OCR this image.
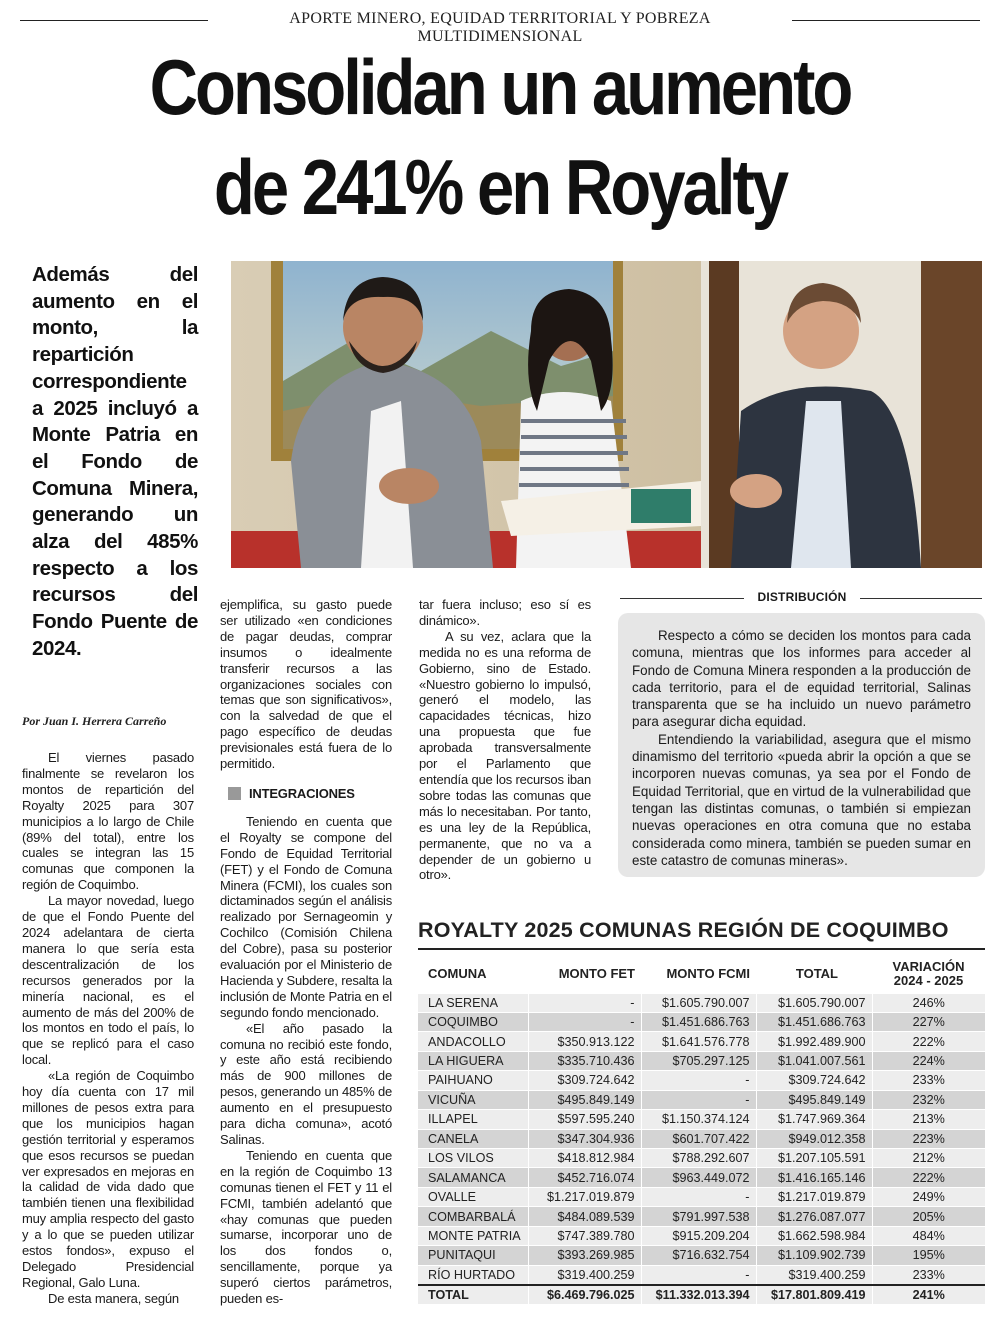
APORTE MINERO, EQUIDAD TERRITORIAL Y POBREZA MULTIDIMENSIONAL
Consolidan un aumento
de 241% en Royalty
Además del aumento en el monto, la repartición correspondiente a 2025 incluyó a Monte Patria en el Fondo de Comuna Minera, generando un alza del 485% respecto a los recursos del Fondo Puente de 2024.
Por Juan I. Herrera Carreño

El viernes pasado finalmente se revelaron los montos de repartición del Royalty 2025 para 307 municipios a lo largo de Chile (89% del total), entre los cuales se integran las 15 comunas que componen la región de Coquimbo.

La mayor novedad, luego de que el Fondo Puente del 2024 adelantara de cierta manera lo que sería esta descentralización de los recursos generados por la minería nacional, es el aumento de más del 200% de los montos en todo el país, lo que se replicó para el caso local.

«La región de Coquimbo hoy día cuenta con 17 mil millones de pesos extra para que los municipios hagan gestión territorial y esperamos que esos recursos se puedan ver expresados en mejoras en la calidad de vida dado que también tienen una flexibilidad muy amplia respecto del gasto y a lo que se pueden utilizar estos fondos», expuso el Delegado Presidencial Regional, Galo Luna.

De esta manera, según

ejemplifica, su gasto puede ser utilizado «en condiciones de pagar deudas, comprar insumos o idealmente transferir recursos a las organizaciones sociales con temas que son significativos», con la salvedad de que el pago específico de deudas previsionales está fuera de lo permitido.

INTEGRACIONES

Teniendo en cuenta que el Royalty se compone del Fondo de Equidad Territorial (FET) y el Fondo de Comuna Minera (FCMI), los cuales son dictaminados según el análisis realizado por Sernageomin y Cochilco (Comisión Chilena del Cobre), pasa su posterior evaluación por el Ministerio de Hacienda y Subdere, resalta la inclusión de Monte Patria en el segundo fondo mencionado.

«El año pasado la comuna no recibió este fondo, y este año está recibiendo más de 900 millones de pesos, generando un 485% de aumento en el presupuesto para dicha comuna», acotó Salinas.

Teniendo en cuenta que en la región de Coquimbo 13 comunas tienen el FET y 11 el FCMI, también adelantó que «hay comunas que pueden sumarse, incorporar uno de los dos fondos o, sencillamente, porque ya superó ciertos parámetros, pueden es-

tar fuera incluso; eso sí es dinámico».

A su vez, aclara que la medida no es una reforma de Gobierno, sino de Estado. «Nuestro gobierno lo impulsó, generó el modelo, las capacidades técnicas, hizo una propuesta que fue aprobada transversalmente por el Parlamento que entendía que los recursos iban sobre todas las comunas que más lo necesitaban. Por tanto, es una ley de la República, permanente, que no va a depender de un gobierno u otro».

DISTRIBUCIÓN

Respecto a cómo se deciden los montos para cada comuna, mientras que los informes para acceder al Fondo de Comuna Minera responden a la producción de cada territorio, para el de equidad territorial, Salinas transparenta que se ha incluido un nuevo parámetro para asegurar dicha equidad.

Entendiendo la variabilidad, asegura que el mismo dinamismo del territorio «pueda abrir la opción a que se incorporen nuevas comunas, ya sea por el Fondo de Equidad Territorial, que en virtud de la vulnerabilidad que tengan las distintas comunas, o también si empiezan nuevas operaciones en otra comuna que no estaba considerada como minera, también se pueden sumar en este catastro de comunas mineras».

ROYALTY 2025 COMUNAS REGIÓN DE COQUIMBO
COMUNA	MONTO FET	MONTO FCMI	TOTAL	VARIACIÓN
2024 - 2025

LA SERENA	-	$1.605.790.007	$1.605.790.007	246%
COQUIMBO	-	$1.451.686.763	$1.451.686.763	227%
ANDACOLLO	$350.913.122	$1.641.576.778	$1.992.489.900	222%
LA HIGUERA	$335.710.436	$705.297.125	$1.041.007.561	224%
PAIHUANO	$309.724.642	-	$309.724.642	233%
VICUÑA	$495.849.149	-	$495.849.149	232%
ILLAPEL	$597.595.240	$1.150.374.124	$1.747.969.364	213%
CANELA	$347.304.936	$601.707.422	$949.012.358	223%
LOS VILOS	$418.812.984	$788.292.607	$1.207.105.591	212%
SALAMANCA	$452.716.074	$963.449.072	$1.416.165.146	222%
OVALLE	$1.217.019.879	-	$1.217.019.879	249%
COMBARBALÁ	$484.089.539	$791.997.538	$1.276.087.077	205%
MONTE PATRIA	$747.389.780	$915.209.204	$1.662.598.984	484%
PUNITAQUI	$393.269.985	$716.632.754	$1.109.902.739	195%
RÍO HURTADO	$319.400.259	-	$319.400.259	233%
TOTAL	$6.469.796.025	$11.332.013.394	$17.801.809.419	241%
